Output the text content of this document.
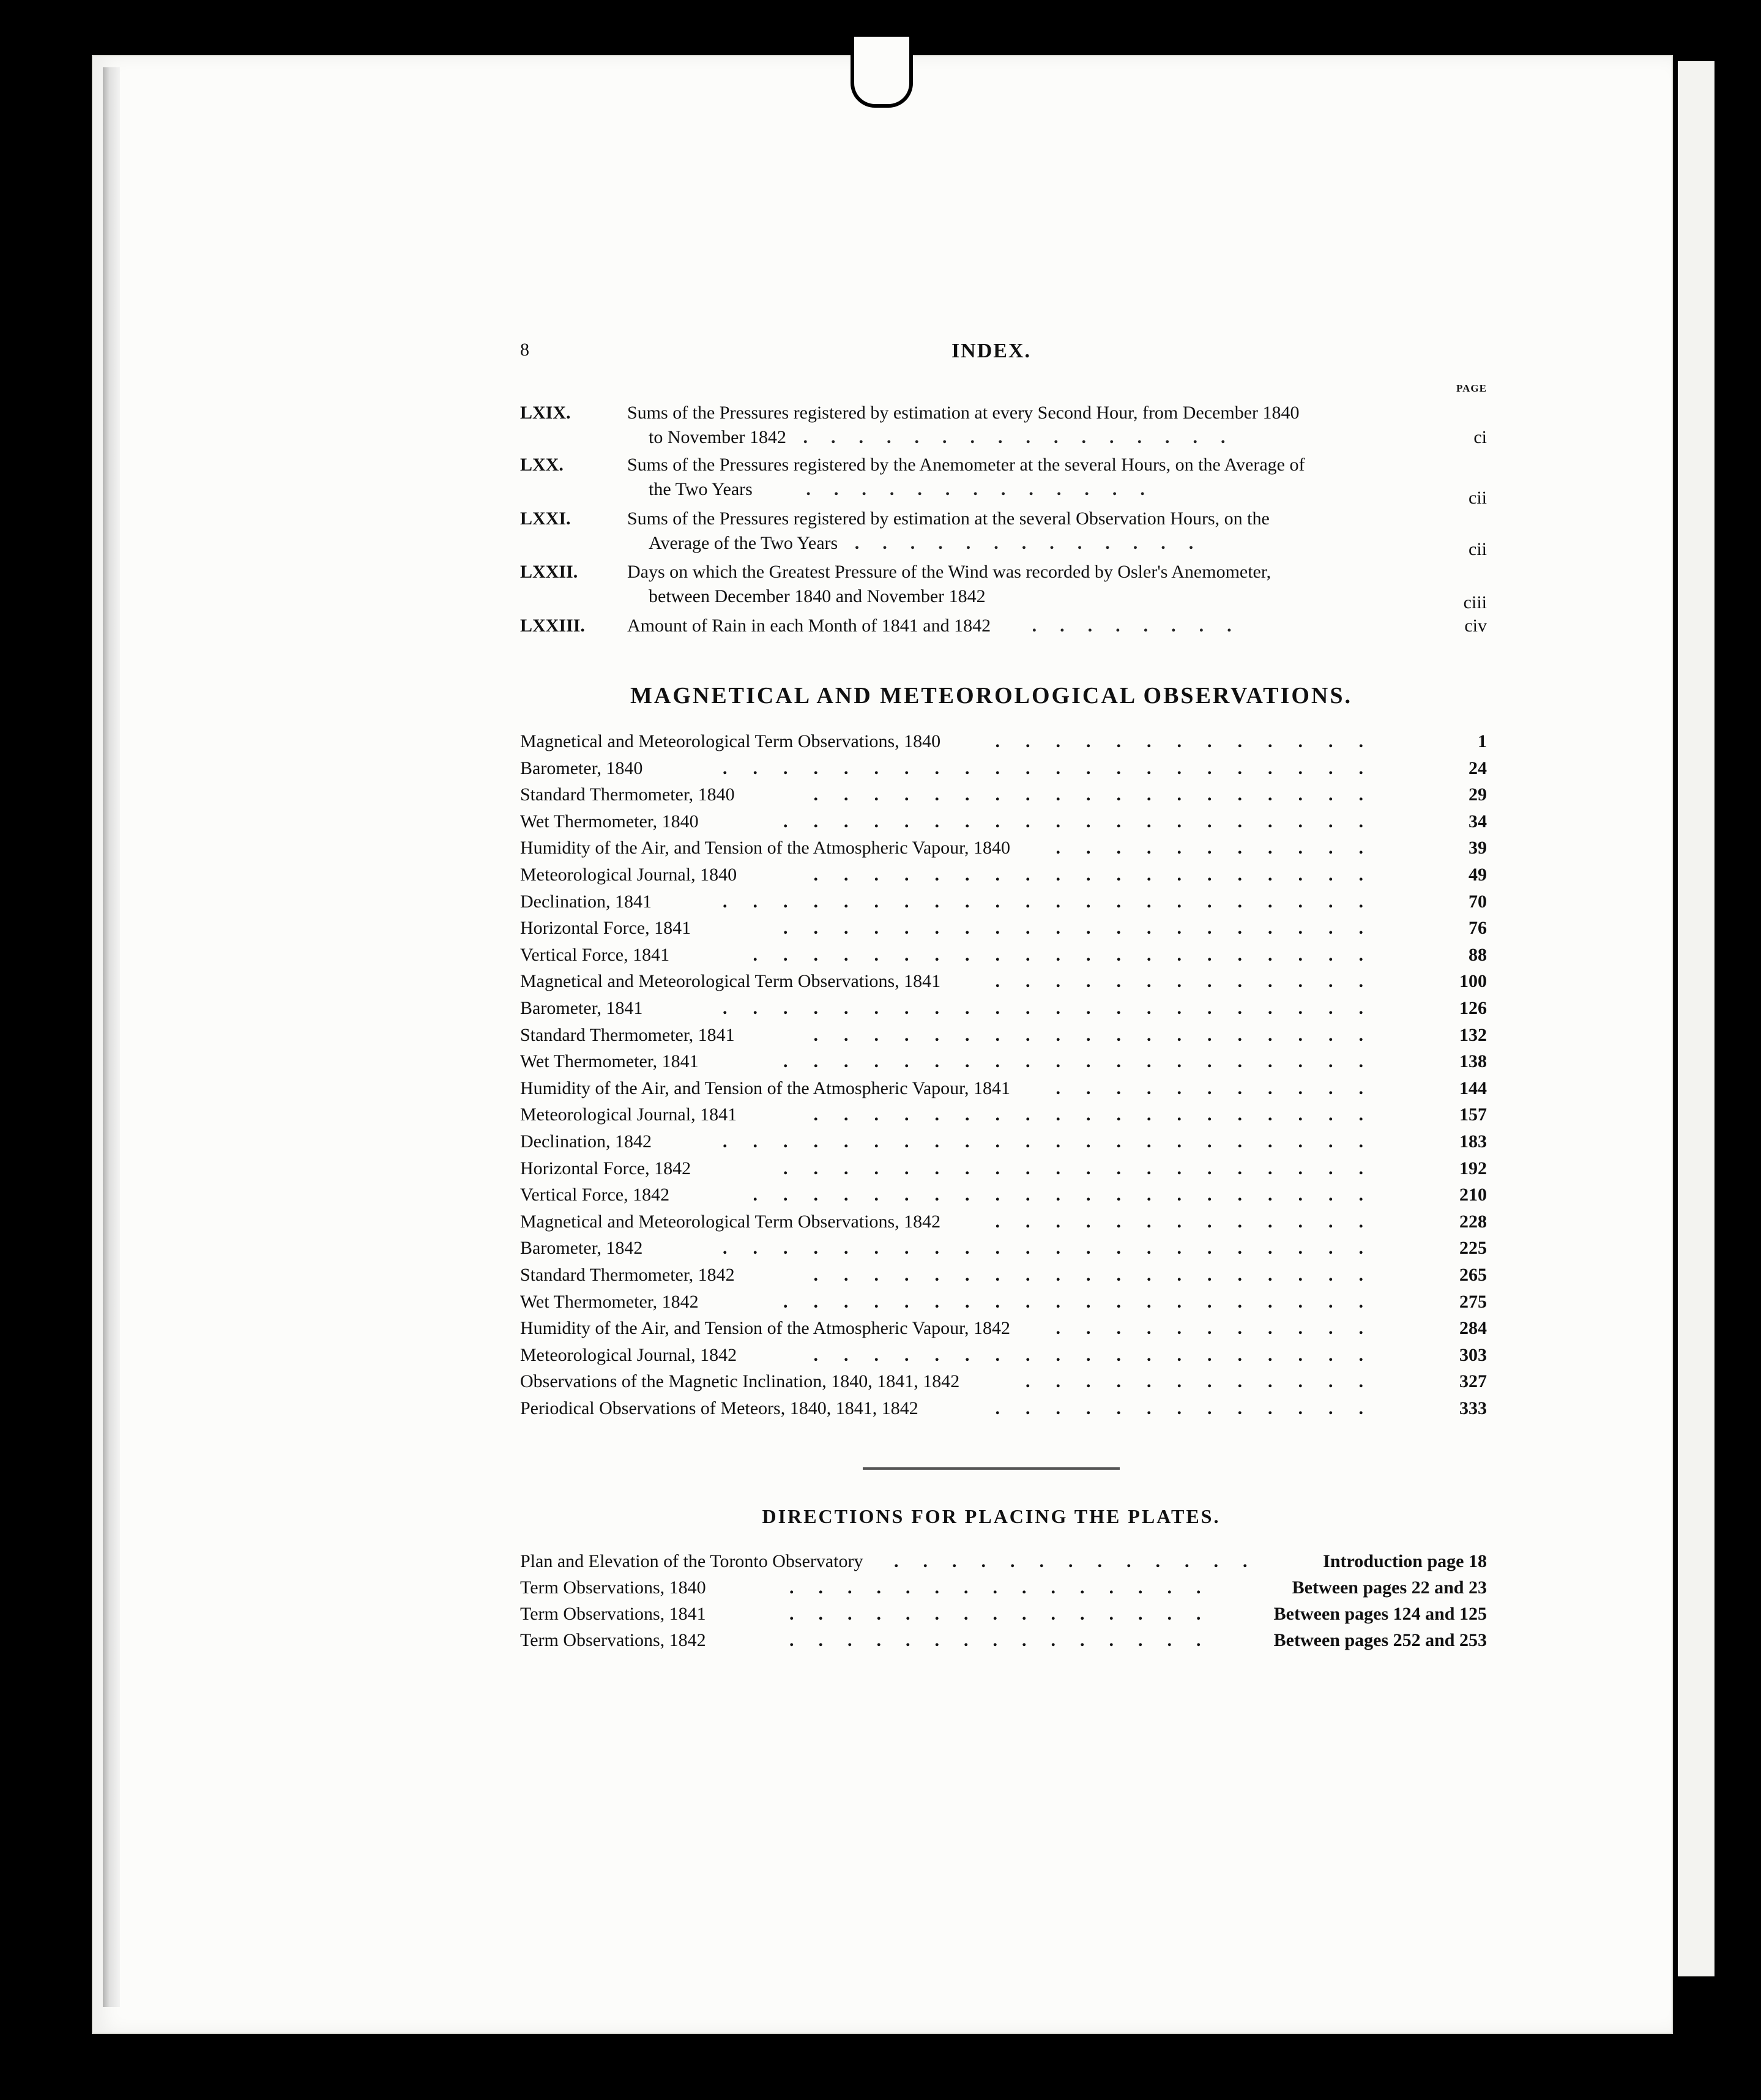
8	INDEX.
PAGE
LXIX.	Sums of the Pressures registered by estimation at every Second Hour, from December 1840
to November 1842 ................	ci
LXX.	Sums of the Pressures registered by the Anemometer at the several Hours, on the Average of
the Two Years	.............	cii
LXXI.	Sums of the Pressures registered by estimation at the several Observation Hours, on the
Average of the Two Years .............	cii
LXXII.	Days on which the Greatest Pressure of the Wind was recorded by Osler's Anemometer,
between December 1840 and November 1842	ciii
LXXIII. Amount of Rain in each Month of 1841 and 1842 ........	civ
MAGNETICAL AND METEOROLOGICAL OBSERVATIONS.
Magnetical and Meteorological Term Observations, 1840	.............	1
Barometer, 1840	......................	24
Standard Thermometer, 1840	...................	29
Wet Thermometer, 1840	....................	34
Humidity of the Air, and Tension of the Atmospheric Vapour, 1840 ...........	39
Meteorological Journal, 1840	...................	49
Declination, 1841	......................	70
Horizontal Force, 1841	....................	76
Vertical Force, 1841	.....................	88
Magnetical and Meteorological Term Observations, 1841	.............	100
Barometer, 1841	......................	126
Standard Thermometer, 1841	...................	132
Wet Thermometer, 1841	....................	138
Humidity of the Air, and Tension of the Atmospheric Vapour, 1841 ...........	144
Meteorological Journal, 1841	...................	157
Declination, 1842	......................	183
Horizontal Force, 1842	....................	192
Vertical Force, 1842	.....................	210
Magnetical and Meteorological Term Observations, 1842	.............	228
Barometer, 1842	......................	225
Standard Thermometer, 1842	...................	265
Wet Thermometer, 1842	....................	275
Humidity of the Air, and Tension of the Atmospheric Vapour, 1842 ...........	284
Meteorological Journal, 1842	...................	303
Observations of the Magnetic Inclination, 1840, 1841, 1842	............	327
Periodical Observations of Meteors, 1840, 1841, 1842	.............	333
DIRECTIONS FOR PLACING THE PLATES.
Plan and Elevation of the Toronto Observatory .............	Introduction page 18
Term Observations, 1840	...............	Between pages 22 and 23
Term Observations, 1841	...............	Between pages 124 and 125
Term Observations, 1842	...............	Between pages 252 and 253
